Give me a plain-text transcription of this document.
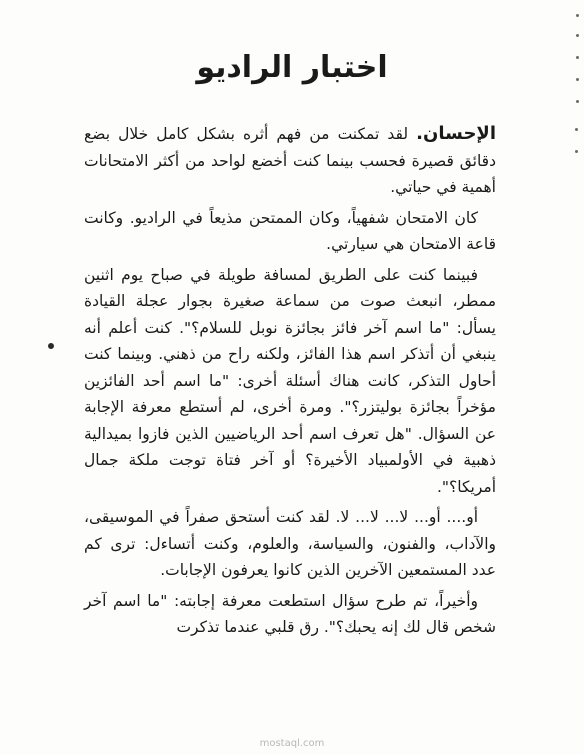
اختبار الراديو

الإحسان. لقد تمكنت من فهم أثره بشكل كامل خلال بضع دقائق قصيرة فحسب بينما كنت أخضع لواحد من أكثر الامتحانات أهمية في حياتي.

كان الامتحان شفهياً، وكان الممتحن مذيعاً في الراديو. وكانت قاعة الامتحان هي سيارتي.

فبينما كنت على الطريق لمسافة طويلة في صباح يوم اثنين ممطر، انبعث صوت من سماعة صغيرة بجوار عجلة القيادة يسأل: "ما اسم آخر فائز بجائزة نوبل للسلام؟". كنت أعلم أنه ينبغي أن أتذكر اسم هذا الفائز، ولكنه راح من ذهني. وبينما كنت أحاول التذكر، كانت هناك أسئلة أخرى: "ما اسم أحد الفائزين مؤخراً بجائزة بوليتزر؟". ومرة أخرى، لم أستطع معرفة الإجابة عن السؤال. "هل تعرف اسم أحد الرياضيين الذين فازوا بميدالية ذهبية في الأولمبياد الأخيرة؟ أو آخر فتاة توجت ملكة جمال أمريكا؟".

أو.... أو... لا... لا... لا. لقد كنت أستحق صفراً في الموسيقى، والآداب، والفنون، والسياسة، والعلوم، وكنت أتساءل: ترى كم عدد المستمعين الآخرين الذين كانوا يعرفون الإجابات.

وأخيراً، تم طرح سؤال استطعت معرفة إجابته: "ما اسم آخر شخص قال لك إنه يحبك؟". رق قلبي عندما تذكرت

mostaql.com
